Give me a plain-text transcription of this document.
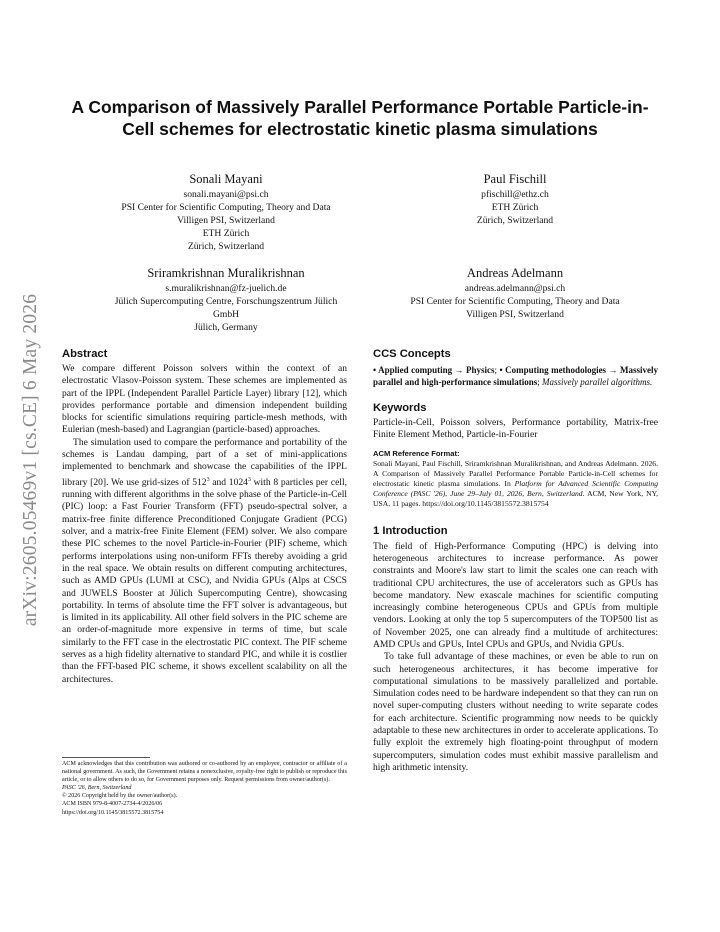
arXiv:2605.05469v1 [cs.CE] 6 May 2026
A Comparison of Massively Parallel Performance Portable Particle-in-Cell schemes for electrostatic kinetic plasma simulations
Sonali Mayani
sonali.mayani@psi.ch
PSI Center for Scientific Computing, Theory and Data
Villigen PSI, Switzerland
ETH Zürich
Zürich, Switzerland
Paul Fischill
pfischill@ethz.ch
ETH Zürich
Zürich, Switzerland
Sriramkrishnan Muralikrishnan
s.muralikrishnan@fz-juelich.de
Jülich Supercomputing Centre, Forschungszentrum Jülich
GmbH
Jülich, Germany
Andreas Adelmann
andreas.adelmann@psi.ch
PSI Center for Scientific Computing, Theory and Data
Villigen PSI, Switzerland
Abstract

We compare different Poisson solvers within the context of an electrostatic Vlasov-Poisson system. These schemes are implemented as part of the IPPL (Independent Parallel Particle Layer) library [12], which provides performance portable and dimension independent building blocks for scientific simulations requiring particle-mesh methods, with Eulerian (mesh-based) and Lagrangian (particle-based) approaches.

The simulation used to compare the performance and portability of the schemes is Landau damping, part of a set of mini-applications implemented to benchmark and showcase the capabilities of the IPPL library [20]. We use grid-sizes of $512^3$ and 1024$^3$ with 8 particles per cell, running with different algorithms in the solve phase of the Particle-in-Cell (PIC) loop: a Fast Fourier Transform (FFT) pseudo-spectral solver, a matrix-free finite difference Preconditioned Conjugate Gradient (PCG) solver, and a matrix-free Finite Element (FEM) solver. We also compare these PIC schemes to the novel Particle-in-Fourier (PIF) scheme, which performs interpolations using non-uniform FFTs thereby avoiding a grid in the real space. We obtain results on different computing architectures, such as AMD GPUs (LUMI at CSC), and Nvidia GPUs (Alps at CSCS and JUWELS Booster at Jülich Supercomputing Centre), showcasing portability. In terms of absolute time the FFT solver is advantageous, but is limited in its applicability. All other field solvers in the PIC scheme are an order-of-magnitude more expensive in terms of time, but scale similarly to the FFT case in the electrostatic PIC context. The PIF scheme serves as a high fidelity alternative to standard PIC, and while it is costlier than the FFT-based PIC scheme, it shows excellent scalability on all the architectures.

ACM acknowledges that this contribution was authored or co-authored by an employee, contractor or affiliate of a national government. As such, the Government retains a nonexclusive, royalty-free right to publish or reproduce this article, or to allow others to do so, for Government purposes only. Request permissions from owner/author(s).

PASC '26, Bern, Switzerland

© 2026 Copyright held by the owner/author(s).

ACM ISBN 979-8-4007-2734-4/2026/06

https://doi.org/10.1145/3815572.3815754

CCS Concepts

• Applied computing → Physics; • Computing methodologies → Massively parallel and high-performance simulations; Massively parallel algorithms.

Keywords

Particle-in-Cell, Poisson solvers, Performance portability, Matrix-free Finite Element Method, Particle-in-Fourier

ACM Reference Format:

Sonali Mayani, Paul Fischill, Sriramkrishnan Muralikrishnan, and Andreas Adelmann. 2026. A Comparison of Massively Parallel Performance Portable Particle-in-Cell schemes for electrostatic kinetic plasma simulations. In Platform for Advanced Scientific Computing Conference (PASC '26), June 29–July 01, 2026, Bern, Switzerland. ACM, New York, NY, USA, 11 pages. https://doi.org/10.1145/3815572.3815754

1 Introduction

The field of High-Performance Computing (HPC) is delving into heterogeneous architectures to increase performance. As power constraints and Moore's law start to limit the scales one can reach with traditional CPU architectures, the use of accelerators such as GPUs has become mandatory. New exascale machines for scientific computing increasingly combine heterogeneous CPUs and GPUs from multiple vendors. Looking at only the top 5 supercomputers of the TOP500 list as of November 2025, one can already find a multitude of architectures: AMD CPUs and GPUs, Intel CPUs and GPUs, and Nvidia GPUs.

To take full advantage of these machines, or even be able to run on such heterogeneous architectures, it has become imperative for computational simulations to be massively parallelized and portable. Simulation codes need to be hardware independent so that they can run on novel super-computing clusters without needing to write separate codes for each architecture. Scientific programming now needs to be quickly adaptable to these new architectures in order to accelerate applications. To fully exploit the extremely high floating-point throughput of modern supercomputers, simulation codes must exhibit massive parallelism and high arithmetic intensity.
